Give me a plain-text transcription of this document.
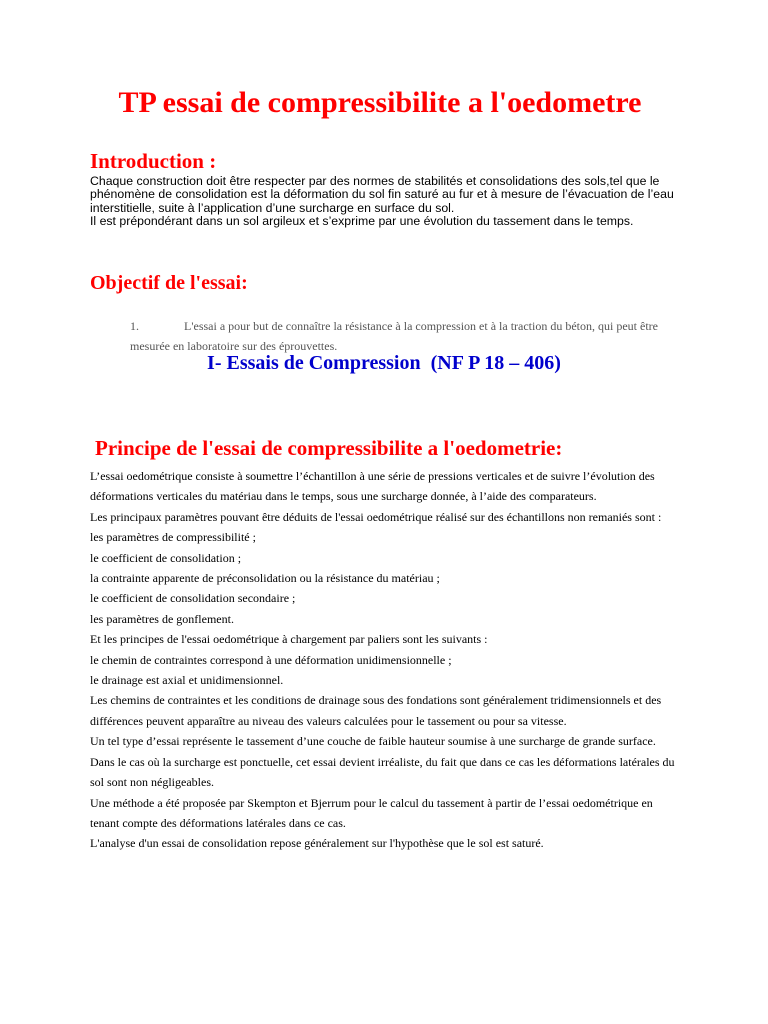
TP essai de compressibilite a l'oedometre
Introduction :

Chaque construction doit être respecter par des normes de stabilités et consolidations des sols,tel que le phénomène de consolidation est la déformation du sol fin saturé au fur et à mesure de l’évacuation de l’eau interstitielle, suite à l’application d’une surcharge en surface du sol.

Il est prépondérant dans un sol argileux et s’exprime par une évolution du tassement dans le temps.

Objectif de l'essai:
1.	L'essai a pour but de connaître la résistance à la compression et à la traction du béton, qui peut être mesurée en laboratoire sur des éprouvettes.
I- Essais de Compression  (NF P 18 – 406)
Principe de l'essai de compressibilite a l'oedometrie:

L’essai oedométrique consiste à soumettre l’échantillon à une série de pressions verticales et de suivre l’évolution des déformations verticales du matériau dans le temps, sous une surcharge donnée, à l’aide des comparateurs.

Les principaux paramètres pouvant être déduits de l'essai oedométrique réalisé sur des échantillons non remaniés sont :

les paramètres de compressibilité ;

le coefficient de consolidation ;

la contrainte apparente de préconsolidation ou la résistance du matériau ;

le coefficient de consolidation secondaire ;

les paramètres de gonflement.

Et les principes de l'essai oedométrique à chargement par paliers sont les suivants :

le chemin de contraintes correspond à une déformation unidimensionnelle ;

le drainage est axial et unidimensionnel.

Les chemins de contraintes et les conditions de drainage sous des fondations sont généralement tridimensionnels et des différences peuvent apparaître au niveau des valeurs calculées pour le tassement ou pour sa vitesse.

Un tel type d’essai représente le tassement d’une couche de faible hauteur soumise à une surcharge de grande surface.

Dans le cas où la surcharge est ponctuelle, cet essai devient irréaliste, du fait que dans ce cas les déformations latérales du sol sont non négligeables.

Une méthode a été proposée par Skempton et Bjerrum pour le calcul du tassement à partir de l’essai oedométrique en tenant compte des déformations latérales dans ce cas.

L'analyse d'un essai de consolidation repose généralement sur l'hypothèse que le sol est saturé.
